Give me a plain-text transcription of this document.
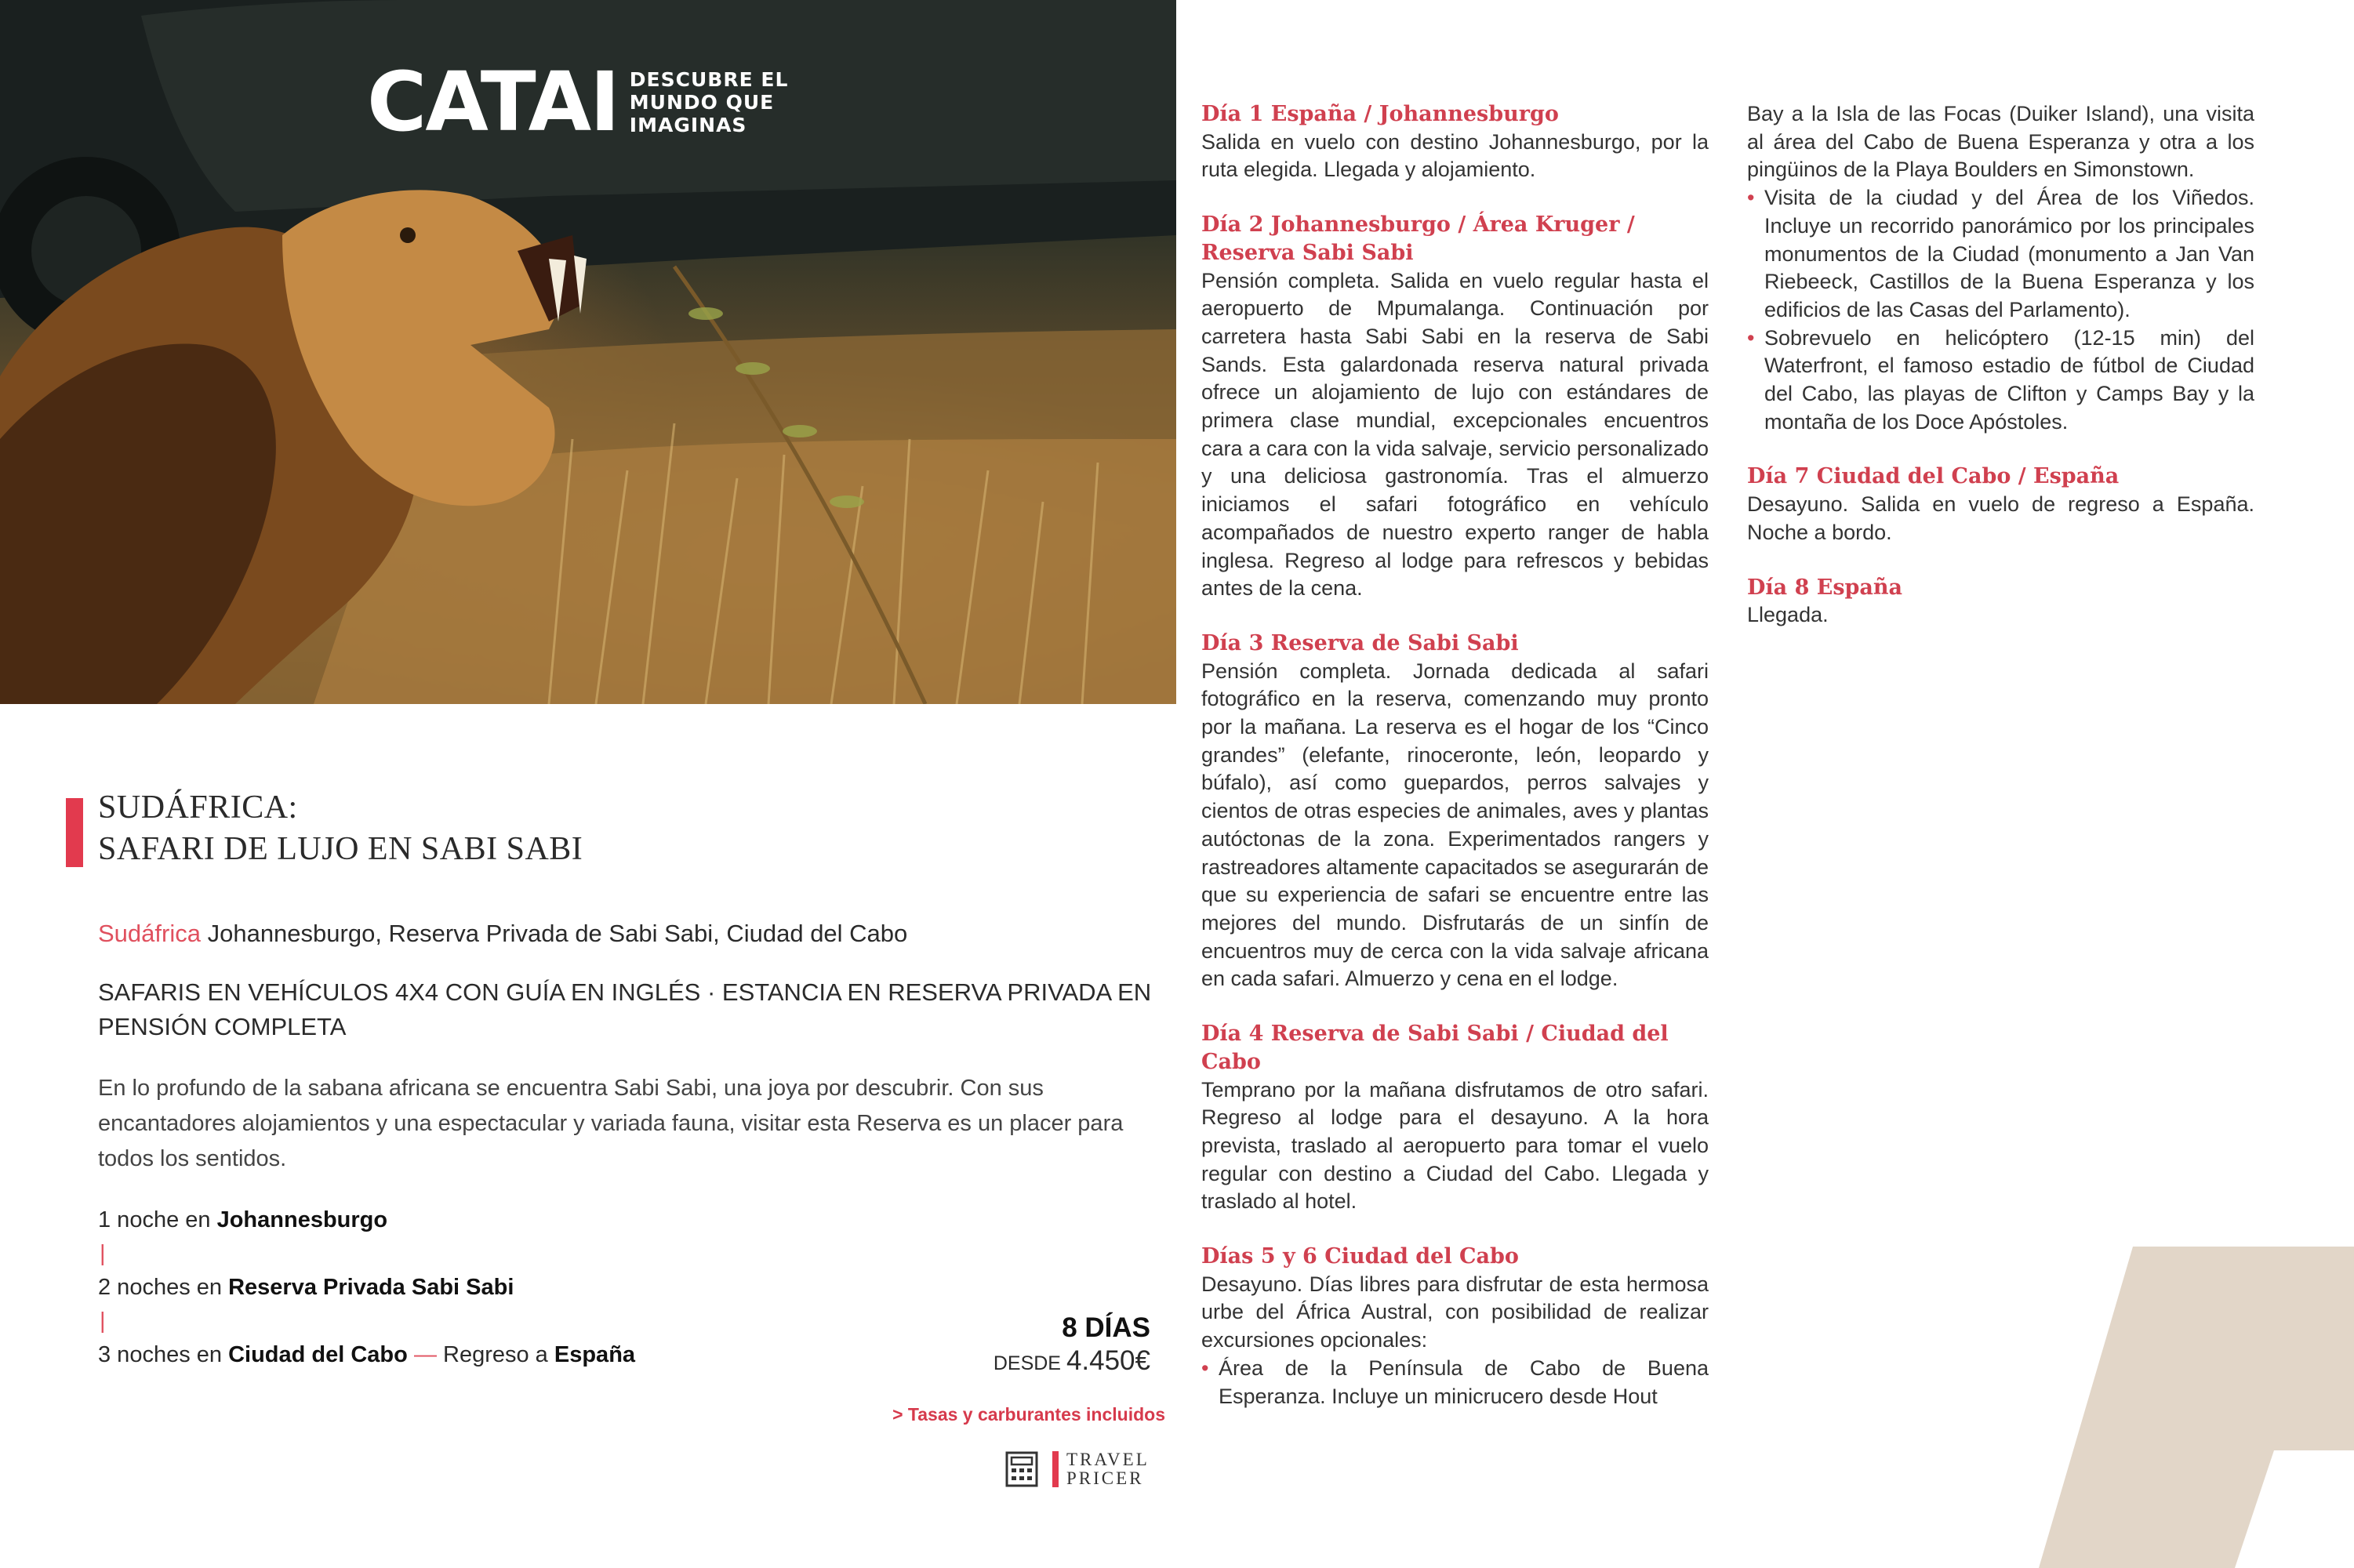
CATAI DESCUBRE EL
MUNDO QUE
IMAGINAS
SUDÁFRICA:
SAFARI DE LUJO EN SABI SABI
Sudáfrica Johannesburgo, Reserva Privada de Sabi Sabi, Ciudad del Cabo
SAFARIS EN VEHÍCULOS 4X4 CON GUÍA EN INGLÉS · ESTANCIA EN RESERVA PRIVADA EN PENSIÓN COMPLETA
En lo profundo de la sabana africana se encuentra Sabi Sabi, una joya por descubrir. Con sus encantadores alojamientos y una espectacular y variada fauna, visitar esta Reserva es un placer para todos los sentidos.
1 noche en Johannesburgo
|
2 noches en Reserva Privada Sabi Sabi
|
3 noches en Ciudad del Cabo — Regreso a España
8 DÍAS
DESDE 4.450€
> Tasas y carburantes incluidos
TRAVEL
PRICER
Día 1 España / Johannesburgo

Salida en vuelo con destino Johannesburgo, por la ruta elegida. Llegada y alojamiento.

Día 2 Johannesburgo / Área Kruger / Reserva Sabi Sabi

Pensión completa. Salida en vuelo regular hasta el aeropuerto de Mpumalanga. Continuación por carretera hasta Sabi Sabi en la reserva de Sabi Sands. Esta galardonada reserva natural privada ofrece un alojamiento de lujo con estándares de primera clase mundial, excepcionales encuentros cara a cara con la vida salvaje, servicio personalizado y una deliciosa gastronomía. Tras el almuerzo iniciamos el safari fotográfico en vehículo acompañados de nuestro experto ranger de habla inglesa. Regreso al lodge para refrescos y bebidas antes de la cena.

Día 3 Reserva de Sabi Sabi

Pensión completa. Jornada dedicada al safari fotográfico en la reserva, comenzando muy pronto por la mañana. La reserva es el hogar de los “Cinco grandes” (elefante, rinoceronte, león, leopardo y búfalo), así como guepardos, perros salvajes y cientos de otras especies de animales, aves y plantas autóctonas de la zona. Experimentados rangers y rastreadores altamente capacitados se asegurarán de que su experiencia de safari se encuentre entre las mejores del mundo. Disfrutarás de un sinfín de encuentros muy de cerca con la vida salvaje africana en cada safari. Almuerzo y cena en el lodge.

Día 4 Reserva de Sabi Sabi / Ciudad del Cabo

Temprano por la mañana disfrutamos de otro safari. Regreso al lodge para el desayuno. A la hora prevista, traslado al aeropuerto para tomar el vuelo regular con destino a Ciudad del Cabo. Llegada y traslado al hotel.

Días 5 y 6 Ciudad del Cabo

Desayuno. Días libres para disfrutar de esta hermosa urbe del África Austral, con posibilidad de realizar excursiones opcionales:

• Área de la Península de Cabo de Buena Esperanza. Incluye un minicrucero desde Hout

Bay a la Isla de las Focas (Duiker Island), una visita al área del Cabo de Buena Esperanza y otra a los pingüinos de la Playa Boulders en Simonstown.

• Visita de la ciudad y del Área de los Viñedos. Incluye un recorrido panorámico por los principales monumentos de la Ciudad (monumento a Jan Van Riebeeck, Castillos de la Buena Esperanza y los edificios de las Casas del Parlamento).

• Sobrevuelo en helicóptero (12-15 min) del Waterfront, el famoso estadio de fútbol de Ciudad del Cabo, las playas de Clifton y Camps Bay y la montaña de los Doce Apóstoles.

Día 7 Ciudad del Cabo / España

Desayuno. Salida en vuelo de regreso a España. Noche a bordo.

Día 8 España

Llegada.
